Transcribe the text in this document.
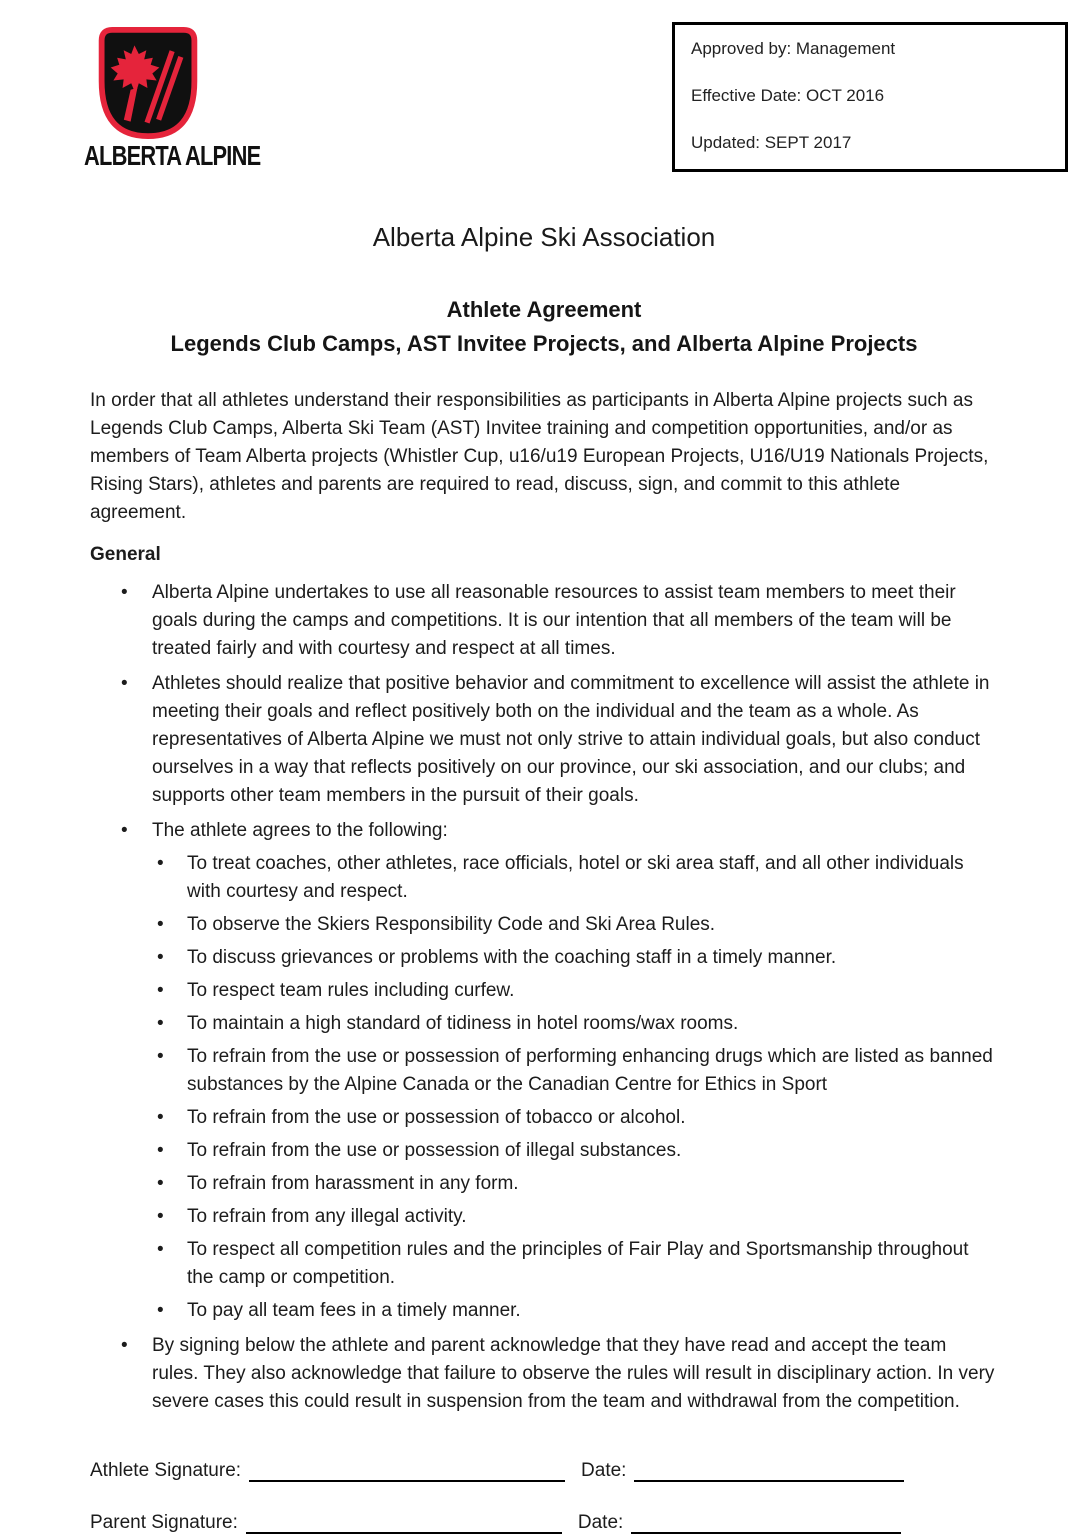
ALBERTA ALPINE
Approved by: Management
Effective Date: OCT 2016
Updated: SEPT 2017
Alberta Alpine Ski Association
Athlete Agreement
Legends Club Camps, AST Invitee Projects, and Alberta Alpine Projects

In order that all athletes understand their responsibilities as participants in Alberta Alpine projects such as Legends Club Camps, Alberta Ski Team (AST) Invitee training and competition opportunities, and/or as members of Team Alberta projects (Whistler Cup, u16/u19 European Projects, U16/U19 Nationals Projects, Rising Stars), athletes and parents are required to read, discuss, sign, and commit to this athlete agreement.

General
• Alberta Alpine undertakes to use all reasonable resources to assist team members to meet their goals during the camps and competitions. It is our intention that all members of the team will be treated fairly and with courtesy and respect at all times.
• Athletes should realize that positive behavior and commitment to excellence will assist the athlete in meeting their goals and reflect positively both on the individual and the team as a whole. As representatives of Alberta Alpine we must not only strive to attain individual goals, but also conduct ourselves in a way that reflects positively on our province, our ski association, and our clubs; and supports other team members in the pursuit of their goals.
• The athlete agrees to the following:
• To treat coaches, other athletes, race officials, hotel or ski area staff, and all other individuals with courtesy and respect.
• To observe the Skiers Responsibility Code and Ski Area Rules.
• To discuss grievances or problems with the coaching staff in a timely manner.
• To respect team rules including curfew.
• To maintain a high standard of tidiness in hotel rooms/wax rooms.
• To refrain from the use or possession of performing enhancing drugs which are listed as banned substances by the Alpine Canada or the Canadian Centre for Ethics in Sport
• To refrain from the use or possession of tobacco or alcohol.
• To refrain from the use or possession of illegal substances.
• To refrain from harassment in any form.
• To refrain from any illegal activity.
• To respect all competition rules and the principles of Fair Play and Sportsmanship throughout the camp or competition.
• To pay all team fees in a timely manner.
• By signing below the athlete and parent acknowledge that they have read and accept the team rules. They also acknowledge that failure to observe the rules will result in disciplinary action. In very severe cases this could result in suspension from the team and withdrawal from the competition.
Athlete Signature:	Date:
Parent Signature:	Date:
